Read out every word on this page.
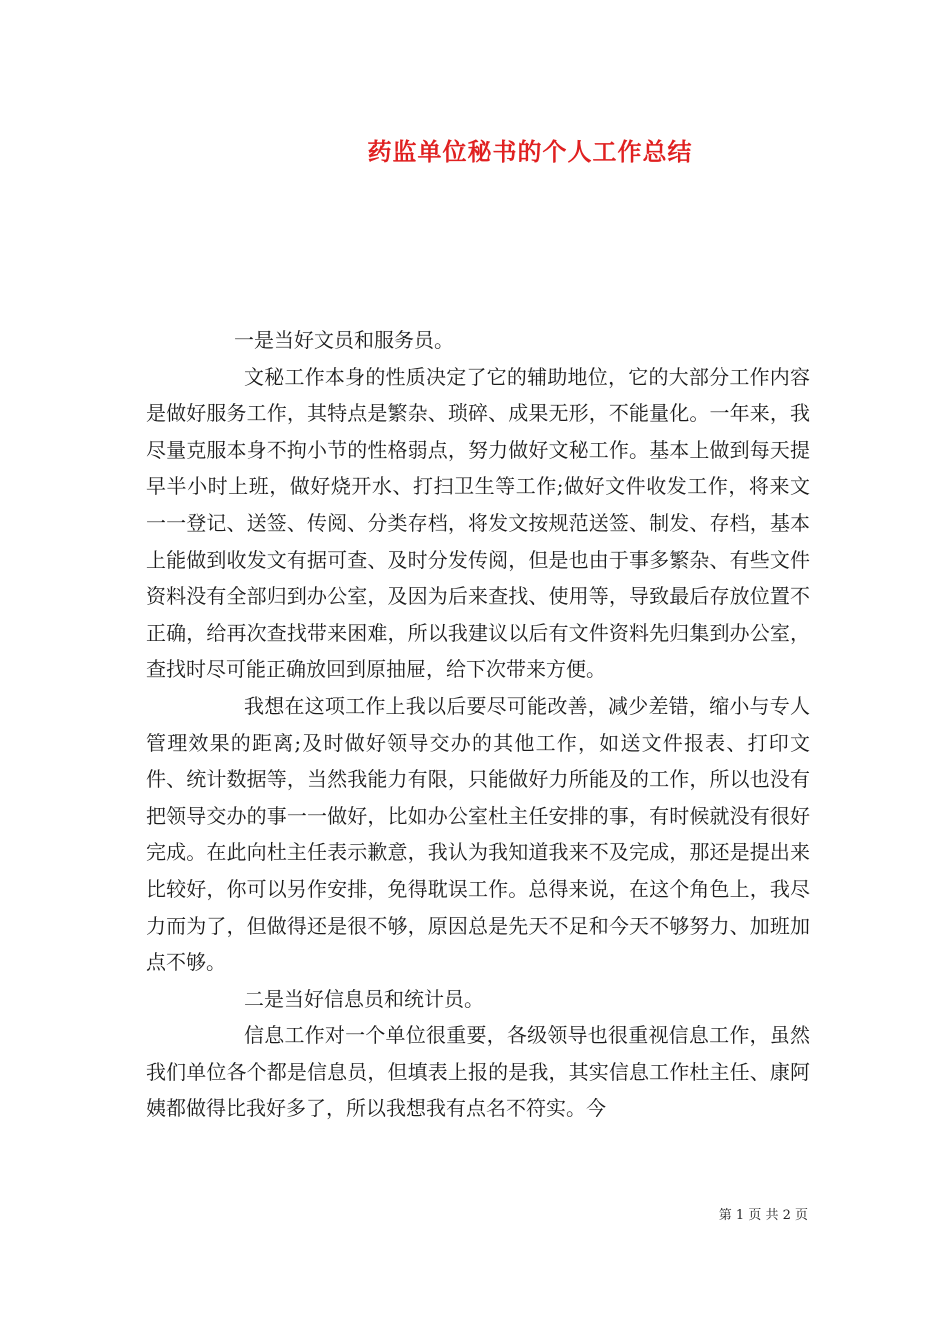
药监单位秘书的个人工作总结

一是当好文员和服务员。

文秘工作本身的性质决定了它的辅助地位，它的大部分工作内容是做好服务工作，其特点是繁杂、琐碎、成果无形，不能量化。一年来，我尽量克服本身不拘小节的性格弱点，努力做好文秘工作。基本上做到每天提早半小时上班，做好烧开水、打扫卫生等工作;做好文件收发工作，将来文一一登记、送签、传阅、分类存档，将发文按规范送签、制发、存档，基本上能做到收发文有据可查、及时分发传阅，但是也由于事多繁杂、有些文件资料没有全部归到办公室，及因为后来查找、使用等，导致最后存放位置不正确，给再次查找带来困难，所以我建议以后有文件资料先归集到办公室，查找时尽可能正确放回到原抽屉，给下次带来方便。

我想在这项工作上我以后要尽可能改善，减少差错，缩小与专人管理效果的距离;及时做好领导交办的其他工作，如送文件报表、打印文件、统计数据等，当然我能力有限，只能做好力所能及的工作，所以也没有把领导交办的事一一做好，比如办公室杜主任安排的事，有时候就没有很好完成。在此向杜主任表示歉意，我认为我知道我来不及完成，那还是提出来比较好，你可以另作安排，免得耽误工作。总得来说，在这个角色上，我尽力而为了，但做得还是很不够，原因总是先天不足和今天不够努力、加班加点不够。

二是当好信息员和统计员。

信息工作对一个单位很重要，各级领导也很重视信息工作，虽然我们单位各个都是信息员，但填表上报的是我，其实信息工作杜主任、康阿姨都做得比我好多了，所以我想我有点名不符实。今

第 1 页 共 2 页
